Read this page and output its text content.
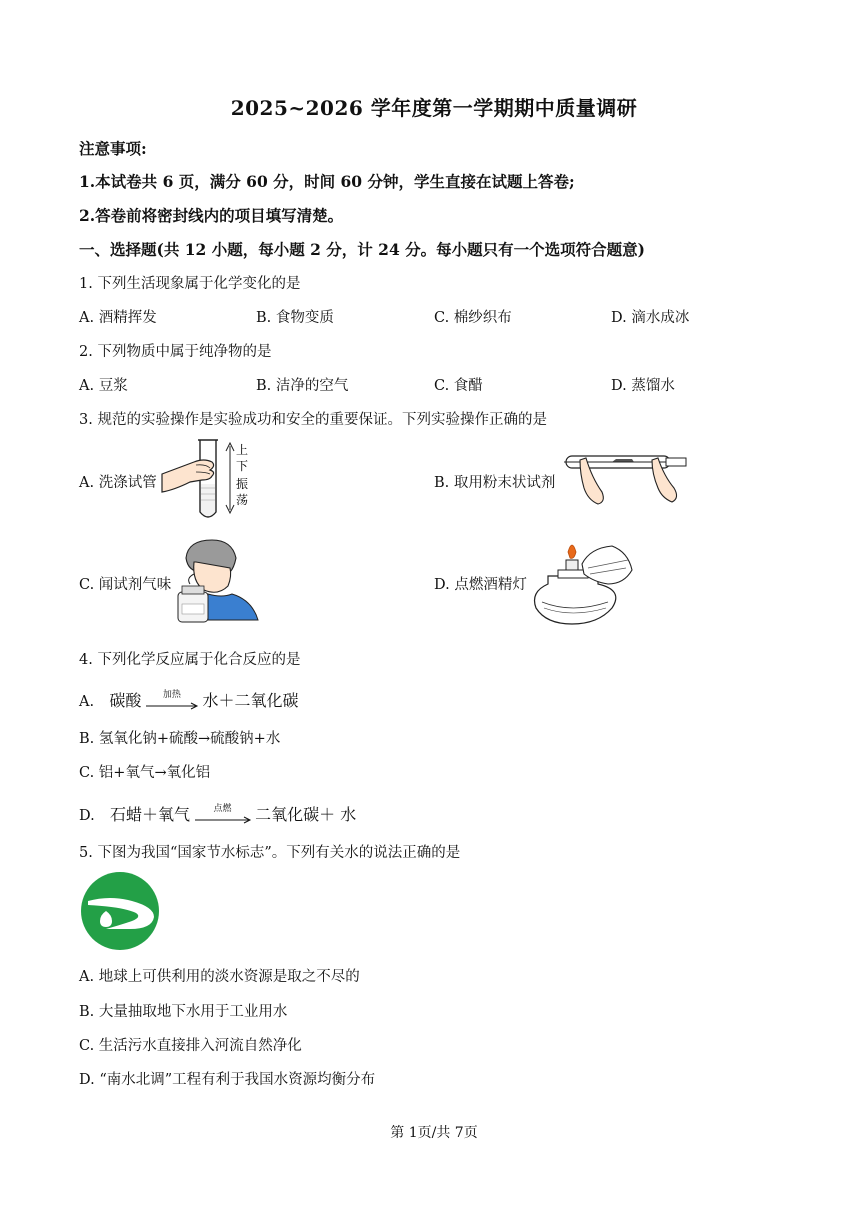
2025~2026 学年度第一学期期中质量调研
注意事项:
1.本试卷共 6 页，满分 60 分，时间 60 分钟，学生直接在试题上答卷;
2.答卷前将密封线内的项目填写清楚。
一、选择题(共 12 小题，每小题 2 分，计 24 分。每小题只有一个选项符合题意)
1. 下列生活现象属于化学变化的是
A. 酒精挥发	B. 食物变质	C. 棉纱织布	D. 滴水成冰
2. 下列物质中属于纯净物的是
A. 豆浆	B. 洁净的空气	C. 食醋	D. 蒸馏水
3. 规范的实验操作是实验成功和安全的重要保证。下列实验操作正确的是
A. 洗涤试管	B. 取用粉末状试剂
C. 闻试剂气味	D. 点燃酒精灯
上
下
振
荡
4. 下列化学反应属于化合反应的是
A. 碳酸	加热	水＋二氧化碳
B. 氢氧化钠+硫酸→硫酸钠+水
C. 铝+氧气→氧化铝
D. 石蜡＋氧气	点燃	二氧化碳＋ 水
5. 下图为我国“国家节水标志”。下列有关水的说法正确的是
A. 地球上可供利用的淡水资源是取之不尽的
B. 大量抽取地下水用于工业用水
C. 生活污水直接排入河流自然净化
D. “南水北调”工程有利于我国水资源均衡分布
第 1页/共 7页
